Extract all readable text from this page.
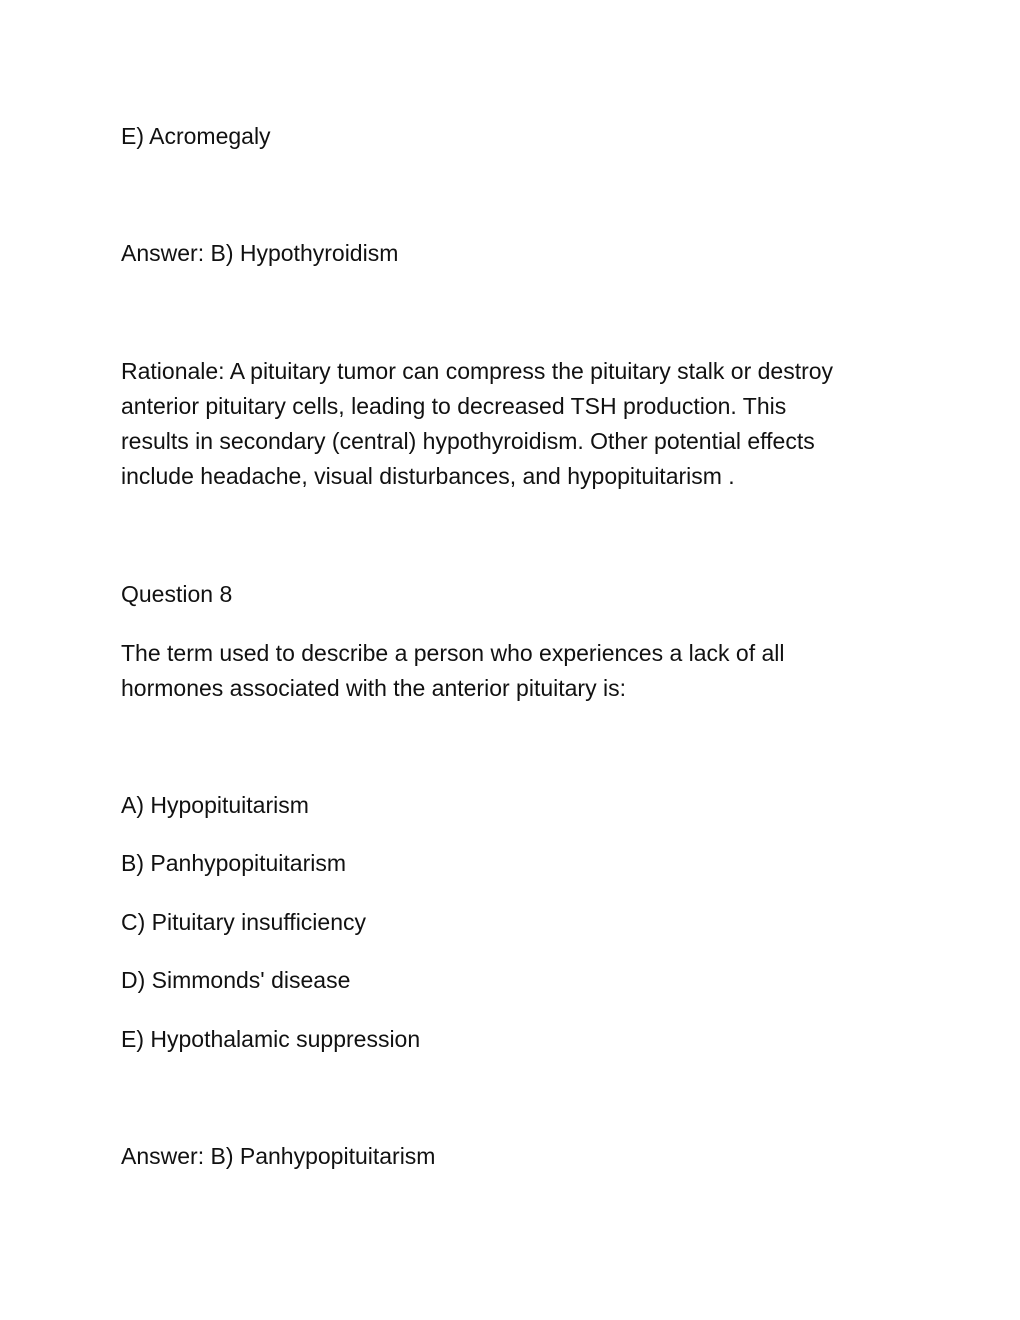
E) Acromegaly

Answer: B) Hypothyroidism

Rationale: A pituitary tumor can compress the pituitary stalk or destroy
anterior pituitary cells, leading to decreased TSH production. This
results in secondary (central) hypothyroidism. Other potential effects
include headache, visual disturbances, and hypopituitarism .

Question 8

The term used to describe a person who experiences a lack of all
hormones associated with the anterior pituitary is:

A) Hypopituitarism

B) Panhypopituitarism

C) Pituitary insufficiency

D) Simmonds' disease

E) Hypothalamic suppression

Answer: B) Panhypopituitarism
